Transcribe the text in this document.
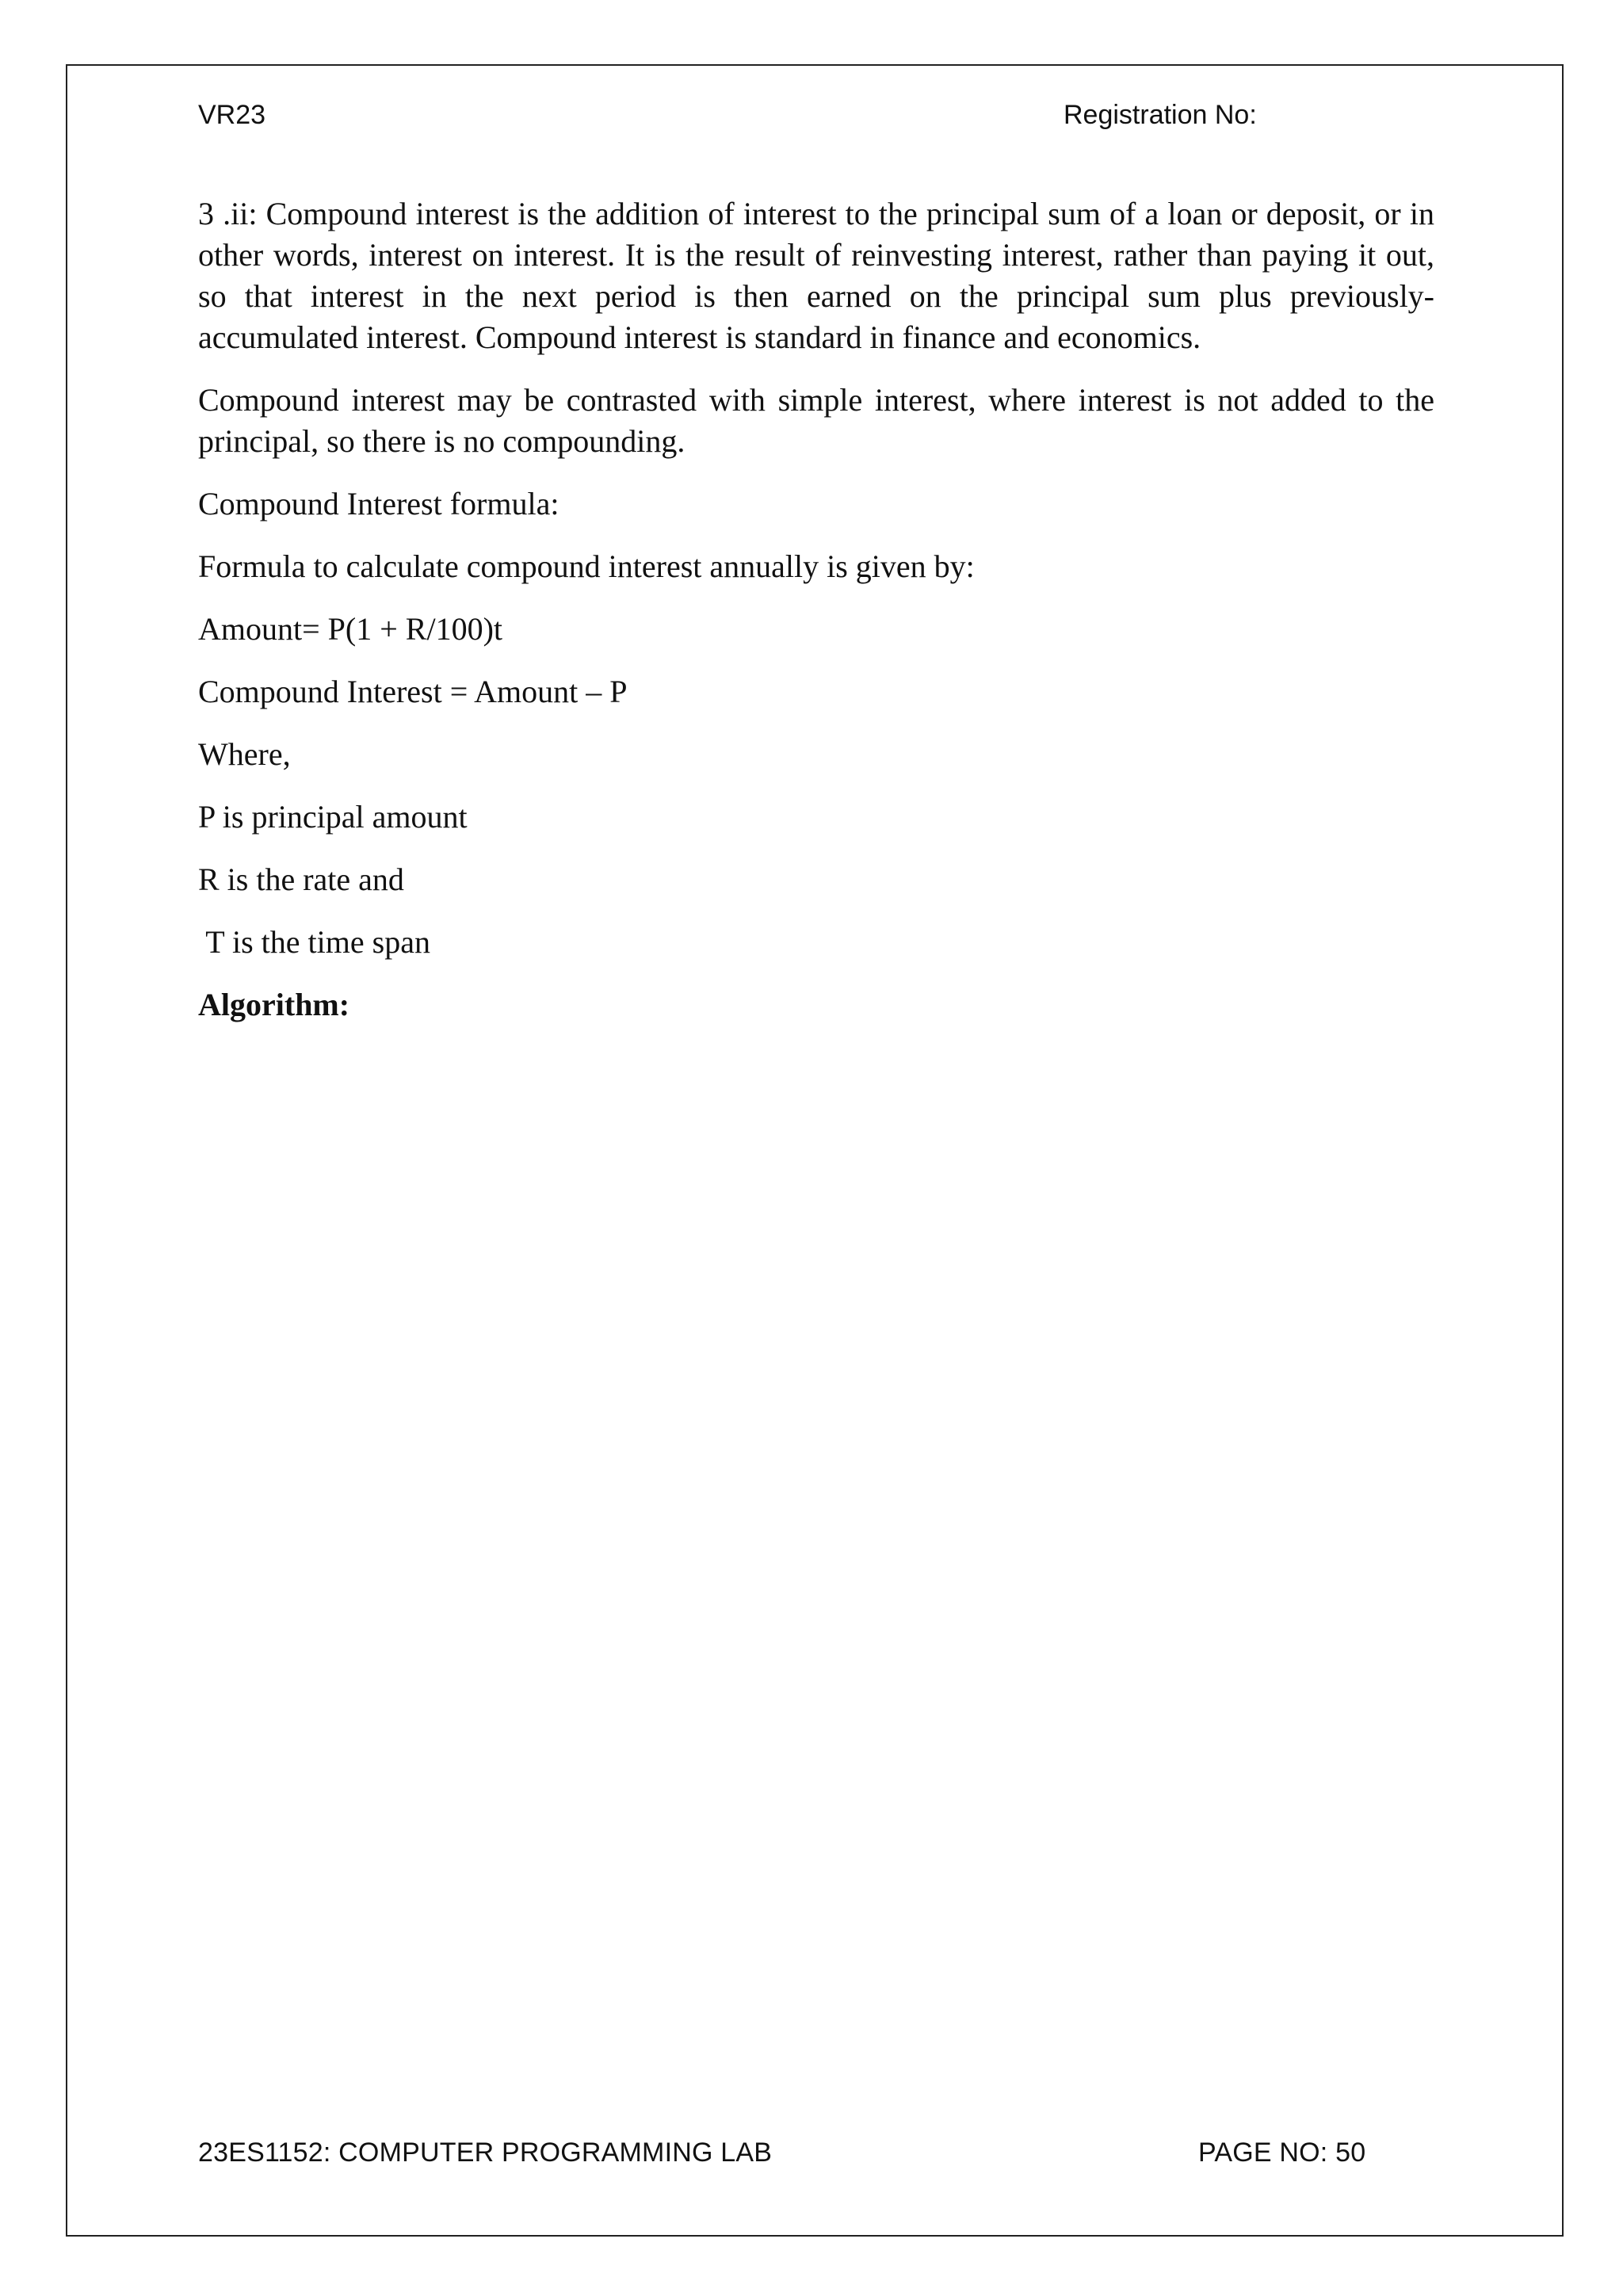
VR23	Registration No:

3 .ii: Compound interest is the addition of interest to the principal sum of a loan or deposit, or in other words, interest on interest. It is the result of reinvesting interest, rather than paying it out, so that interest in the next period is then earned on the principal sum plus previously-accumulated interest. Compound interest is standard in finance and economics.

Compound interest may be contrasted with simple interest, where interest is not added to the principal, so there is no compounding.

Compound Interest formula:

Formula to calculate compound interest annually is given by:

Amount= P(1 + R/100)t

Compound Interest = Amount – P

Where,

P is principal amount

R is the rate and

T is the time span

Algorithm:

23ES1152: COMPUTER PROGRAMMING LAB	PAGE NO: 50
